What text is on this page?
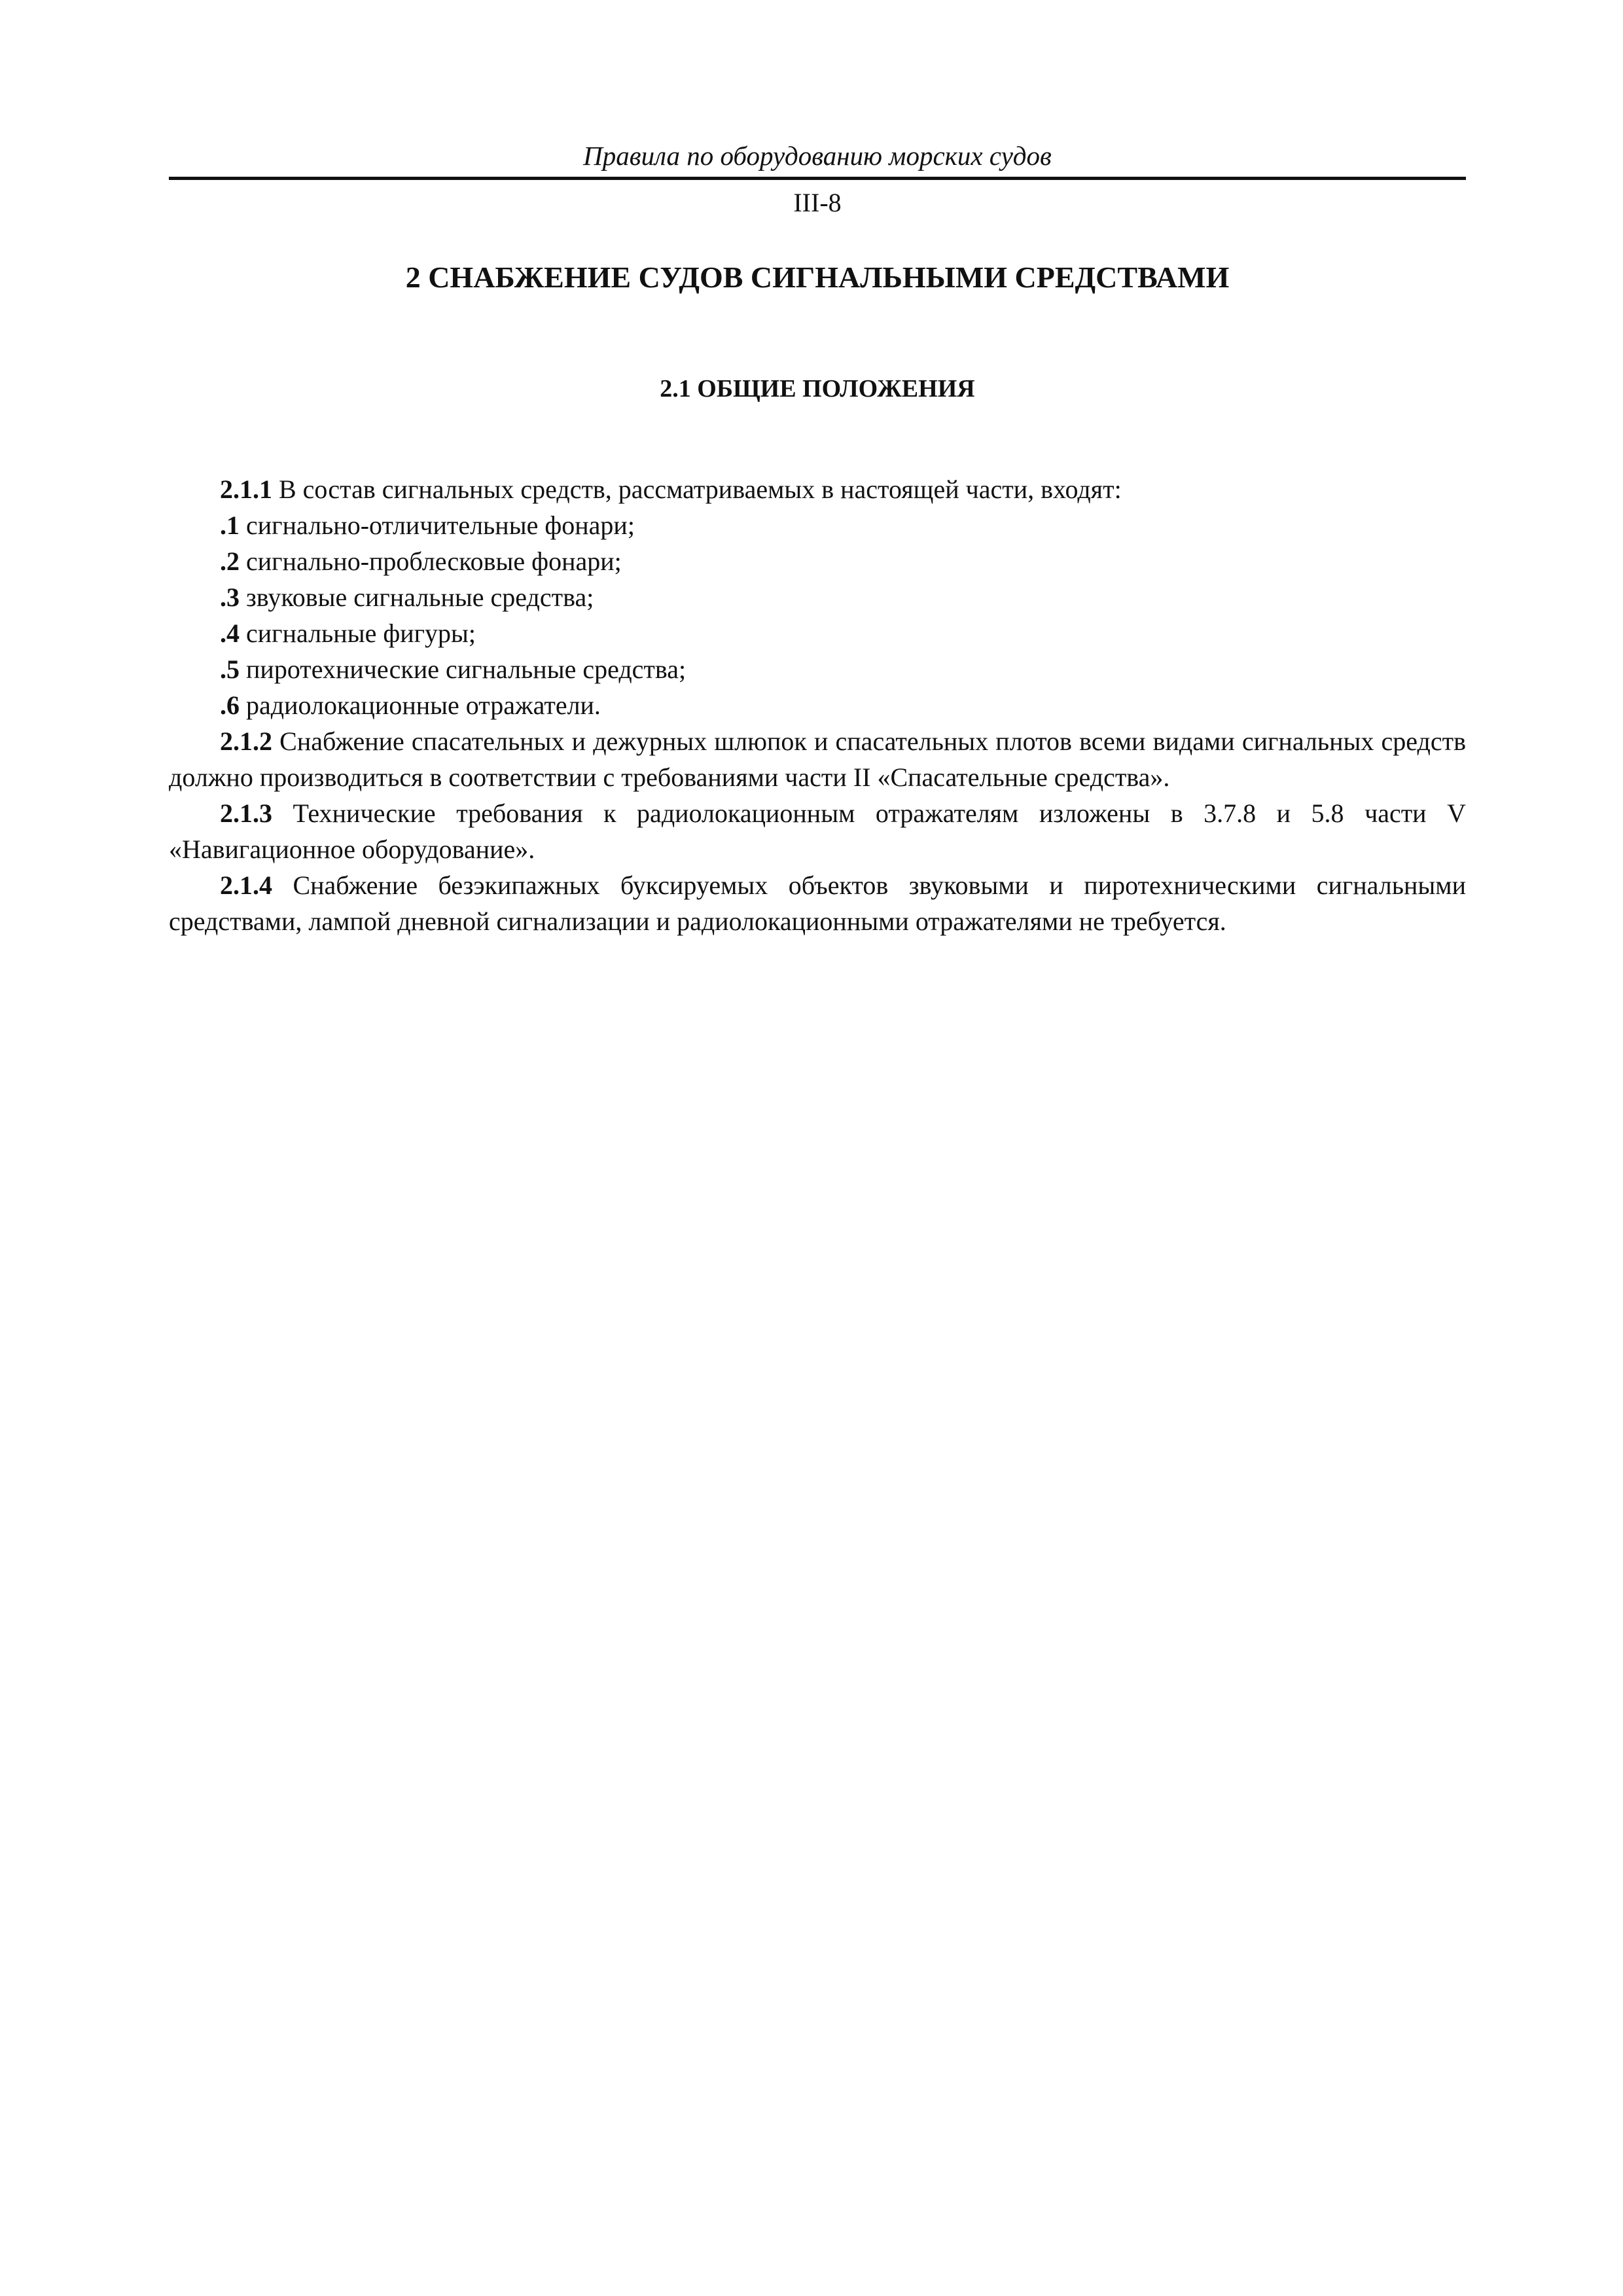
Правила по оборудованию морских судов
III-8
2 СНАБЖЕНИЕ СУДОВ СИГНАЛЬНЫМИ СРЕДСТВАМИ
2.1 ОБЩИЕ ПОЛОЖЕНИЯ

2.1.1 В состав сигнальных средств, рассматриваемых в настоящей части, входят:

.1 сигнально-отличительные фонари;

.2 сигнально-проблесковые фонари;

.3 звуковые сигнальные средства;

.4 сигнальные фигуры;

.5 пиротехнические сигнальные средства;

.6 радиолокационные отражатели.

2.1.2 Снабжение спасательных и дежурных шлюпок и спасательных плотов всеми видами сигнальных средств должно производиться в соответствии с требованиями части II «Спасательные средства».

2.1.3 Технические требования к радиолокационным отражателям изложены в 3.7.8 и 5.8 части V «Навигационное оборудование».

2.1.4 Снабжение безэкипажных буксируемых объектов звуковыми и пиротехническими сигнальными средствами, лампой дневной сигнализации и радиолокационными отражателями не требуется.
